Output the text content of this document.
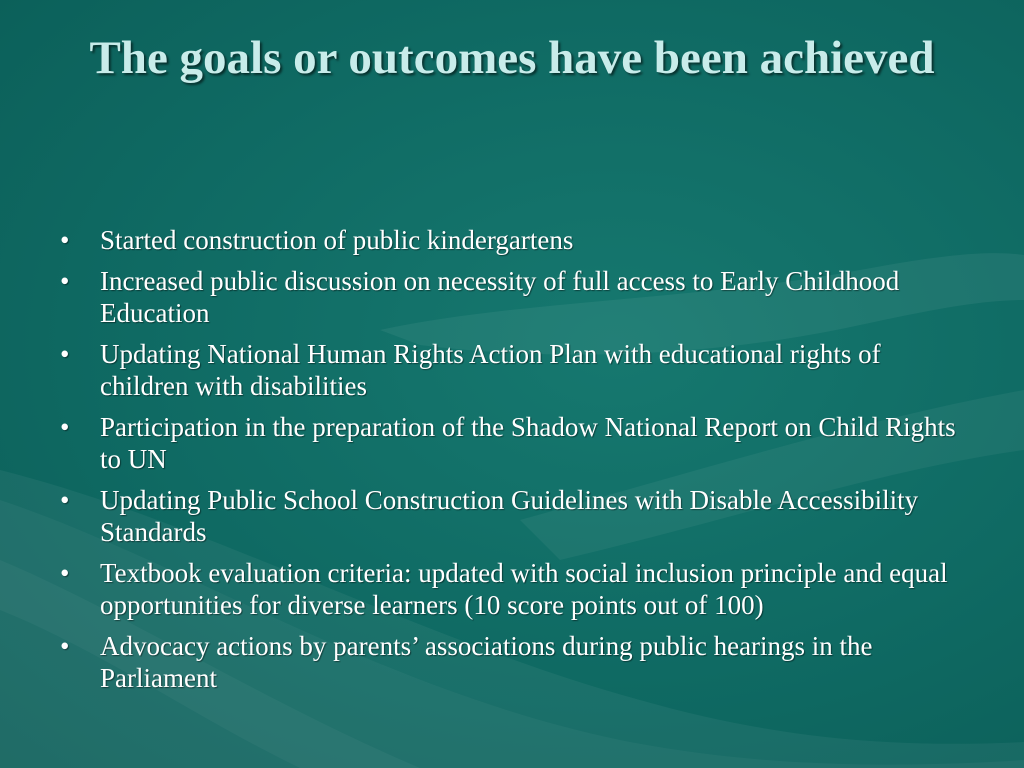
The goals or outcomes have been achieved
•	Started construction of public kindergartens
•	Increased public discussion on necessity of full access to Early Childhood Education
•	Updating National Human Rights Action Plan with educational rights of children with disabilities
•	Participation in the preparation of the Shadow National Report on Child Rights to UN
•	Updating Public School Construction Guidelines with Disable Accessibility Standards
•	Textbook evaluation criteria: updated with social inclusion principle and equal opportunities for diverse learners (10 score points out of 100)
•	Advocacy actions by parents’ associations during public hearings in the Parliament
